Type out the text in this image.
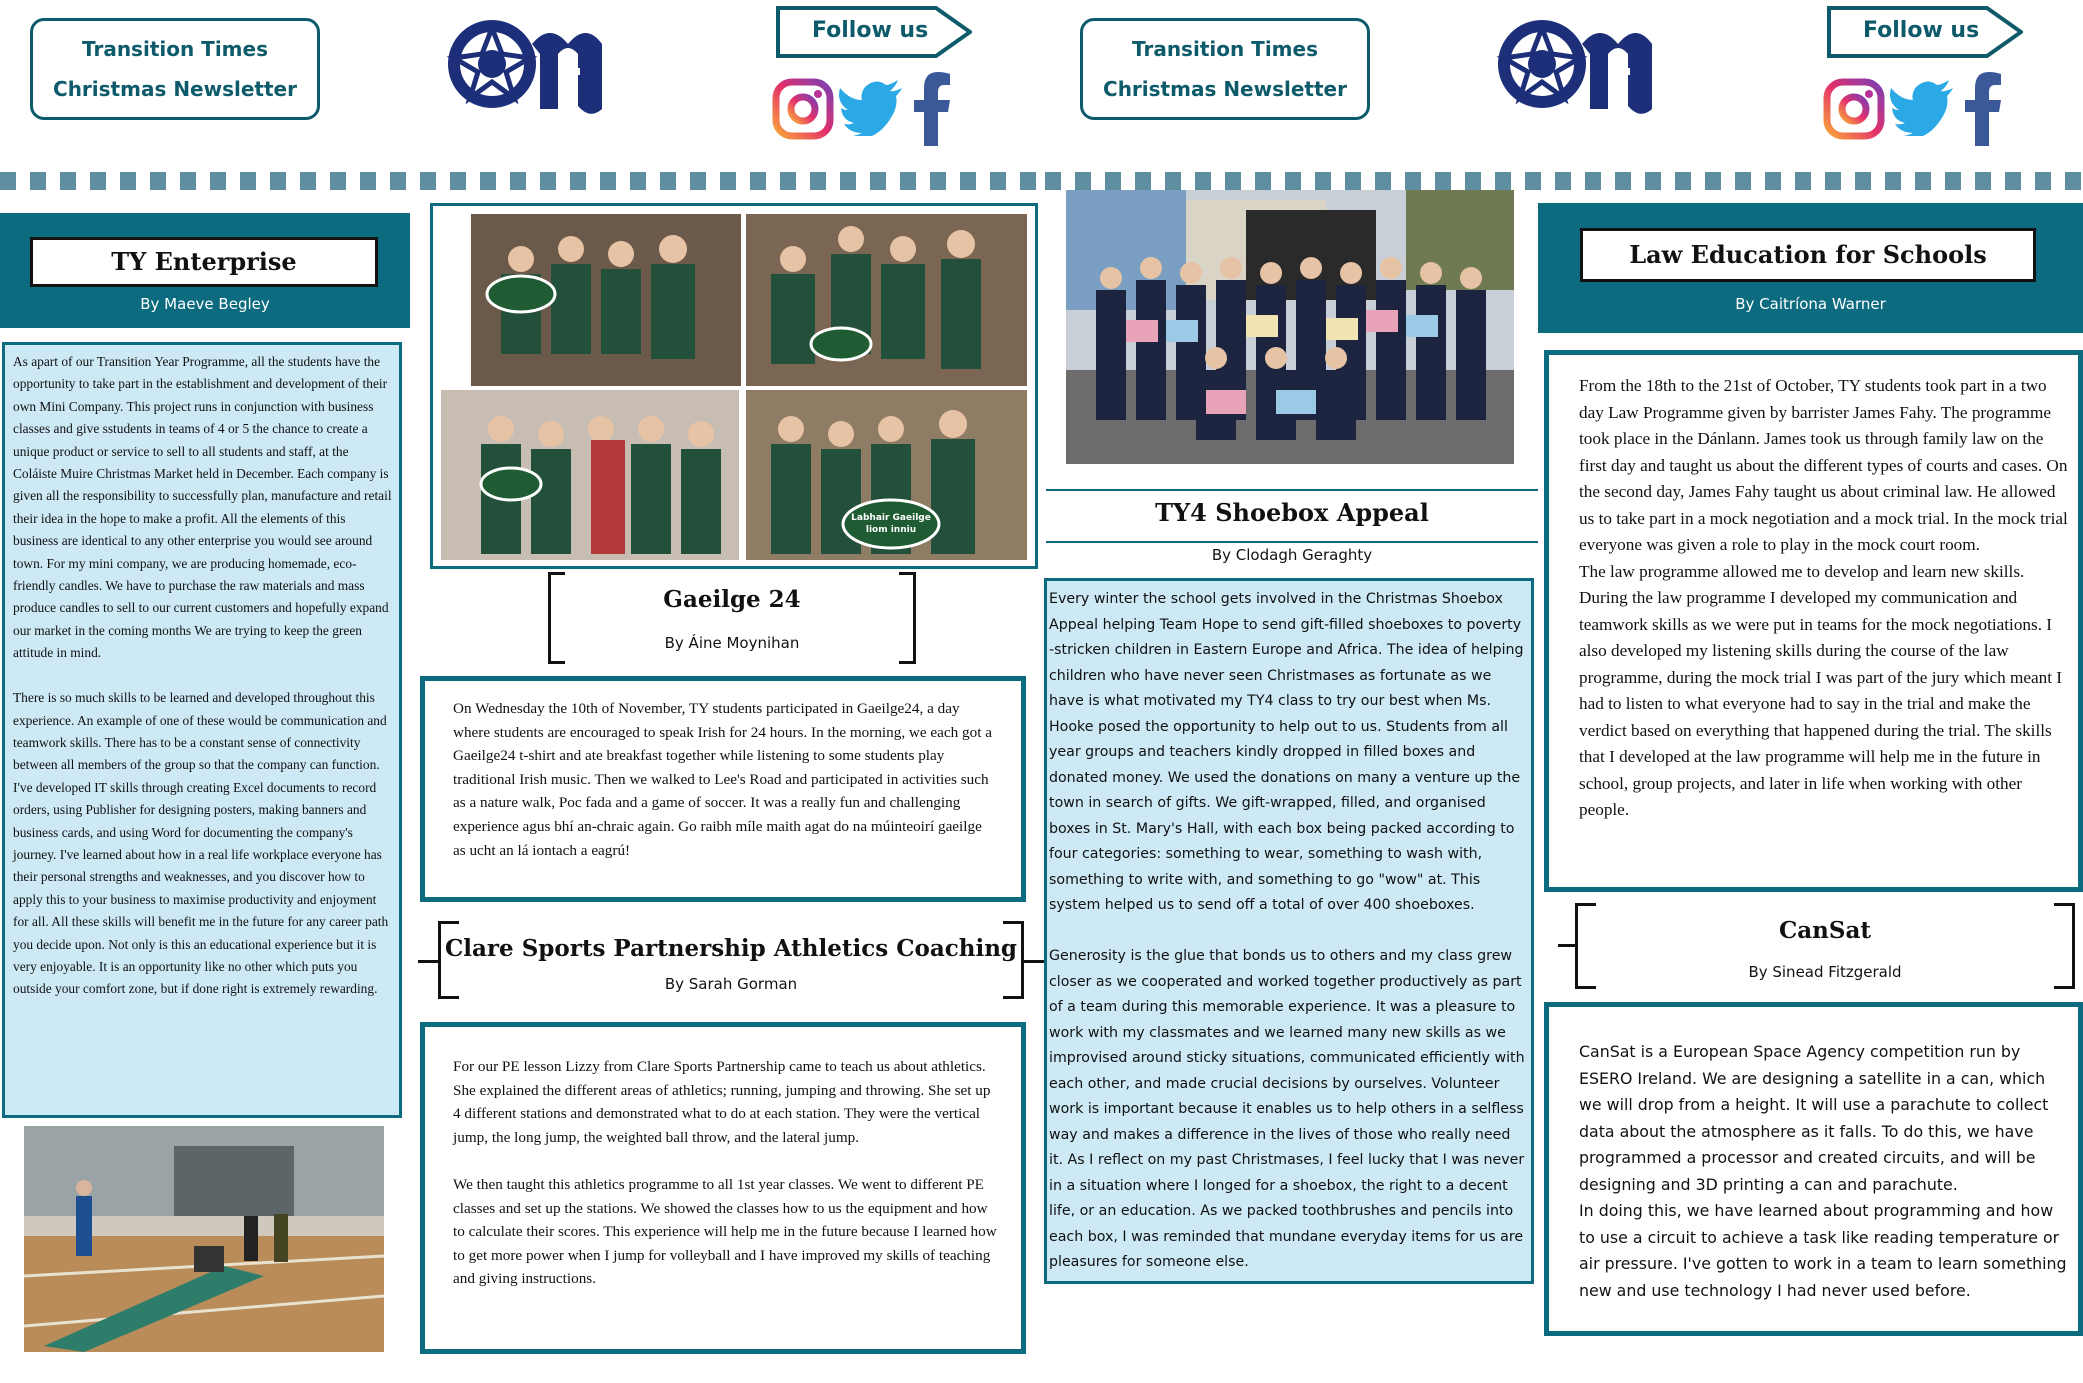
Transition Times
Christmas Newsletter
Follow us
Transition Times
Christmas Newsletter
Follow us
TY Enterprise
By Maeve Begley
As apart of our Transition Year Programme, all the students have the opportunity to take part in the establishment and development of their own Mini Company. This project runs in conjunction with business classes and give sstudents in teams of 4 or 5 the chance to create a unique product or service to sell to all students and staff, at the Coláiste Muire Christmas Market held in December. Each company is given all the responsibility to successfully plan, manufacture and retail their idea in the hope to make a profit. All the elements of this business are identical to any other enterprise you would see around town. For my mini company, we are producing homemade, eco-friendly candles. We have to purchase the raw materials and mass produce candles to sell to our current customers and hopefully expand our market in the coming months We are trying to keep the green attitude in mind.

There is so much skills to be learned and developed throughout this experience. An example of one of these would be communication and teamwork skills. There has to be a constant sense of connectivity between all members of the group so that the company can function. I've developed IT skills through creating Excel documents to record orders, using Publisher for designing posters, making banners and business cards, and using Word for documenting the company's journey. I've learned about how in a real life workplace everyone has their personal strengths and weaknesses, and you discover how to apply this to your business to maximise productivity and enjoyment for all. All these skills will benefit me in the future for any career path you decide upon. Not only is this an educational experience but it is very enjoyable. It is an opportunity like no other which puts you outside your comfort zone, but if done right is extremely rewarding.
Labhair Gaeilge
liom inniu
Gaeilge 24
By Áine Moynihan
On Wednesday the 10th of November, TY students participated in Gaeilge24, a day where students are encouraged to speak Irish for 24 hours. In the morning, we each got a Gaeilge24 t-shirt and ate breakfast together while listening to some students play traditional Irish music. Then we walked to Lee's Road and participated in activities such as a nature walk, Poc fada and a game of soccer. It was a really fun and challenging experience agus bhí an-chraic again. Go raibh míle maith agat do na múinteoirí gaeilge as ucht an lá iontach a eagrú!
Clare Sports Partnership Athletics Coaching
By Sarah Gorman
For our PE lesson Lizzy from Clare Sports Partnership came to teach us about athletics. She explained the different areas of athletics; running, jumping and throwing. She set up 4 different stations and demonstrated what to do at each station. They were the vertical jump, the long jump, the weighted ball throw, and the lateral jump.

We then taught this athletics programme to all 1st year classes. We went to different PE classes and set up the stations. We showed the classes how to us the equipment and how to calculate their scores. This experience will help me in the future because I learned how to get more power when I jump for volleyball and I have improved my skills of teaching and giving instructions.
TY4 Shoebox Appeal
By Clodagh Geraghty
Every winter the school gets involved in the Christmas Shoebox Appeal helping Team Hope to send gift-filled shoeboxes to poverty -stricken children in Eastern Europe and Africa. The idea of helping children who have never seen Christmases as fortunate as we have is what motivated my TY4 class to try our best when Ms. Hooke posed the opportunity to help out to us. Students from all year groups and teachers kindly dropped in filled boxes and donated money. We used the donations on many a venture up the town in search of gifts. We gift-wrapped, filled, and organised boxes in St. Mary's Hall, with each box being packed according to four categories: something to wear, something to wash with, something to write with, and something to go "wow" at. This system helped us to send off a total of over 400 shoeboxes.

Generosity is the glue that bonds us to others and my class grew closer as we cooperated and worked together productively as part of a team during this memorable experience. It was a pleasure to work with my classmates and we learned many new skills as we improvised around sticky situations, communicated efficiently with each other, and made crucial decisions by ourselves. Volunteer work is important because it enables us to help others in a selfless way and makes a difference in the lives of those who really need it. As I reflect on my past Christmases, I feel lucky that I was never in a situation where I longed for a shoebox, the right to a decent life, or an education. As we packed toothbrushes and pencils into each box, I was reminded that mundane everyday items for us are pleasures for someone else.
Law Education for Schools
By Caitríona Warner
From the 18th to the 21st of October, TY students took part in a two day Law Programme given by barrister James Fahy. The programme took place in the Dánlann. James took us through family law on the first day and taught us about the different types of courts and cases. On the second day, James Fahy taught us about criminal law. He allowed us to take part in a mock negotiation and a mock trial. In the mock trial everyone was given a role to play in the mock court room.
The law programme allowed me to develop and learn new skills. During the law programme I developed my communication and teamwork skills as we were put in teams for the mock negotiations. I also developed my listening skills during the course of the law programme, during the mock trial I was part of the jury which meant I had to listen to what everyone had to say in the trial and make the verdict based on everything that happened during the trial. The skills that I developed at the law programme will help me in the future in school, group projects, and later in life when working with other people.
CanSat
By Sinead Fitzgerald
CanSat is a European Space Agency competition run by ESERO Ireland. We are designing a satellite in a can, which we will drop from a height. It will use a parachute to collect data about the atmosphere as it falls. To do this, we have programmed a processor and created circuits, and will be designing and 3D printing a can and parachute.
In doing this, we have learned about programming and how to use a circuit to achieve a task like reading temperature or air pressure. I've gotten to work in a team to learn something new and use technology I had never used before.
